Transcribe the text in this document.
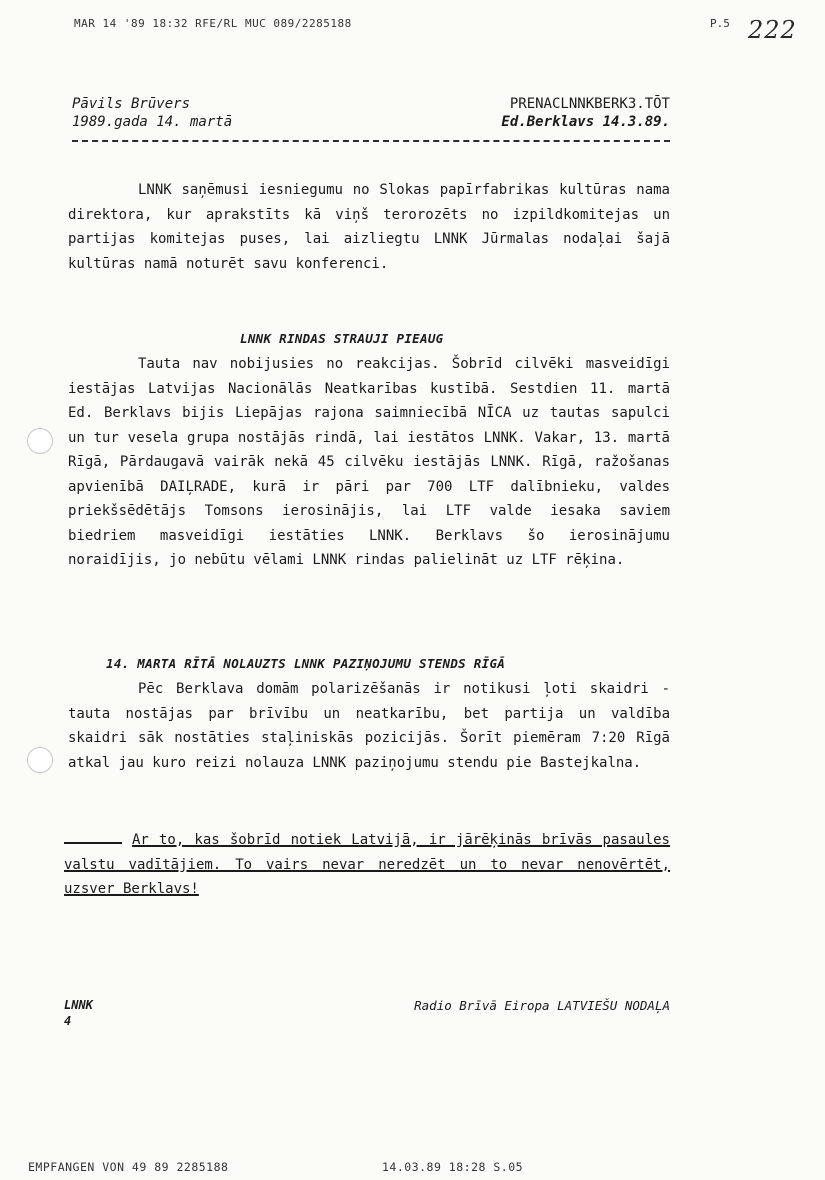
MAR 14 '89 18:32 RFE/RL MUC 089/2285188	P.5 222
Pāvils Brūvers
1989.gada 14. martā
PRENACLNNKBERK3.TŌT
Ed.Berklavs 14.3.89.

LNNK saņēmusi iesniegumu no Slokas papīrfabrikas kultūras nama direktora, kur aprakstīts kā viņš terorozēts no izpildkomitejas un partijas komitejas puses, lai aizliegtu LNNK Jūrmalas nodaļai šajā kultūras namā noturēt savu konferenci.

LNNK RINDAS STRAUJI PIEAUG

Tauta nav nobijusies no reakcijas. Šobrīd cilvēki masveidīgi iestājas Latvijas Nacionālās Neatkarības kustībā. Sestdien 11. martā Ed. Berklavs bijis Liepājas rajona saimniecībā NĪCA uz tautas sapulci un tur vesela grupa nostājās rindā, lai iestātos LNNK. Vakar, 13. martā Rīgā, Pārdaugavā vairāk nekā 45 cilvēku iestājās LNNK. Rīgā, ražošanas apvienībā DAIĻRADE, kurā ir pāri par 700 LTF dalībnieku, valdes priekšsēdētājs Tomsons ierosinājis, lai LTF valde iesaka saviem biedriem masveidīgi iestāties LNNK. Berklavs šo ierosinājumu noraidījis, jo nebūtu vēlami LNNK rindas palielināt uz LTF rēķina.

14. MARTA RĪTĀ NOLAUZTS LNNK PAZIŅOJUMU STENDS RĪGĀ

Pēc Berklava domām polarizēšanās ir notikusi ļoti skaidri - tauta nostājas par brīvību un neatkarību, bet partija un valdība skaidri sāk nostāties staļiniskās pozicijās. Šorīt piemēram 7:20 Rīgā atkal jau kuro reizi nolauza LNNK paziņojumu stendu pie Bastejkalna.

Ar to, kas šobrīd notiek Latvijā, ir jārēķinās brīvās pasaules valstu vadītājiem. To vairs nevar neredzēt un to nevar nenovērtēt, uzsver Berklavs!

LNNK
4
Radio Brīvā Eiropa LATVIEŠU NODAĻA
EMPFANGEN VON 49 89 2285188	14.03.89 18:28 S.05
